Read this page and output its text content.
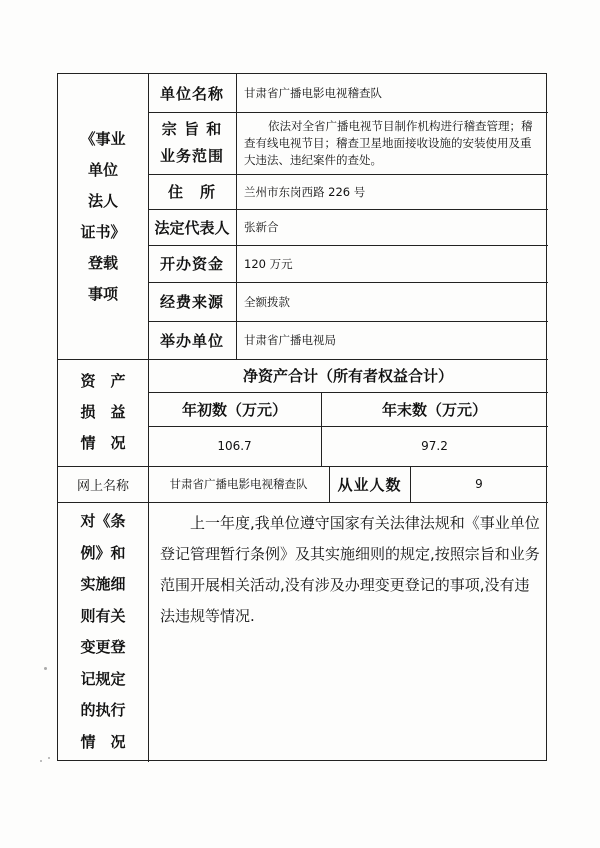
《事业
单位
法人
证书》
登载
事项
单位名称	甘肃省广播电影电视稽查队
宗 旨 和
业务范围
依法对全省广播电视节目制作机构进行稽查管理；稽查有线电视节目；稽查卫星地面接收设施的安装使用及重大违法、违纪案件的查处。
住　所	兰州市东岗西路 226 号
法定代表人	张新合
开办资金	120 万元
经费来源	全额拨款
举办单位	甘肃省广播电视局
资　产
损　益
情　况
净资产合计（所有者权益合计）
年初数（万元）	年末数（万元）
106.7	97.2
网上名称	甘肃省广播电影电视稽查队	从业人数	9
对《条
例》和
实施细
则有关
变更登
记规定
的执行
情　况
上一年度,我单位遵守国家有关法律法规和《事业单位登记管理暂行条例》及其实施细则的规定,按照宗旨和业务范围开展相关活动,没有涉及办理变更登记的事项,没有违法违规等情况.
